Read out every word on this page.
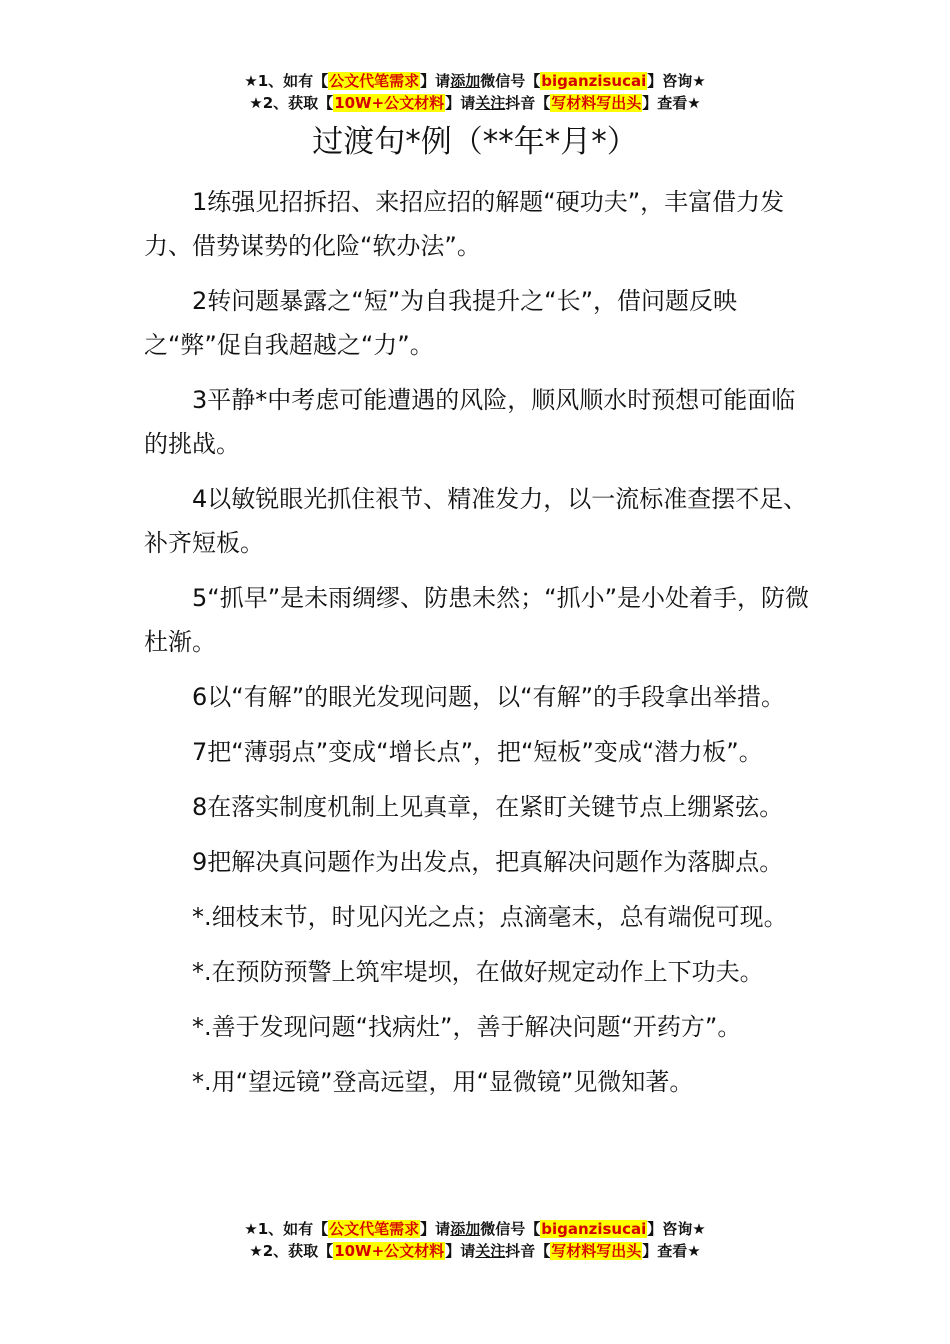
★1、如有【公文代笔需求】请添加微信号【biganzisucai】咨询★
★2、获取【10W+公文材料】请关注抖音【写材料写出头】查看★
过渡句*例（**年*月*）

1练强见招拆招、来招应招的解题“硬功夫”，丰富借力发力、借势谋势的化险“软办法”。

2转问题暴露之“短”为自我提升之“长”，借问题反映之“弊”促自我超越之“力”。

3平静*中考虑可能遭遇的风险，顺风顺水时预想可能面临的挑战。

4以敏锐眼光抓住裉节、精准发力，以一流标准查摆不足、补齐短板。

5“抓早”是未雨绸缪、防患未然；“抓小”是小处着手，防微杜渐。

6以“有解”的眼光发现问题，以“有解”的手段拿出举措。

7把“薄弱点”变成“增长点”，把“短板”变成“潜力板”。

8在落实制度机制上见真章，在紧盯关键节点上绷紧弦。

9把解决真问题作为出发点，把真解决问题作为落脚点。

*.细枝末节，时见闪光之点；点滴毫末，总有端倪可现。

*.在预防预警上筑牢堤坝，在做好规定动作上下功夫。

*.善于发现问题“找病灶”，善于解决问题“开药方”。

*.用“望远镜”登高远望，用“显微镜”见微知著。

★1、如有【公文代笔需求】请添加微信号【biganzisucai】咨询★
★2、获取【10W+公文材料】请关注抖音【写材料写出头】查看★
